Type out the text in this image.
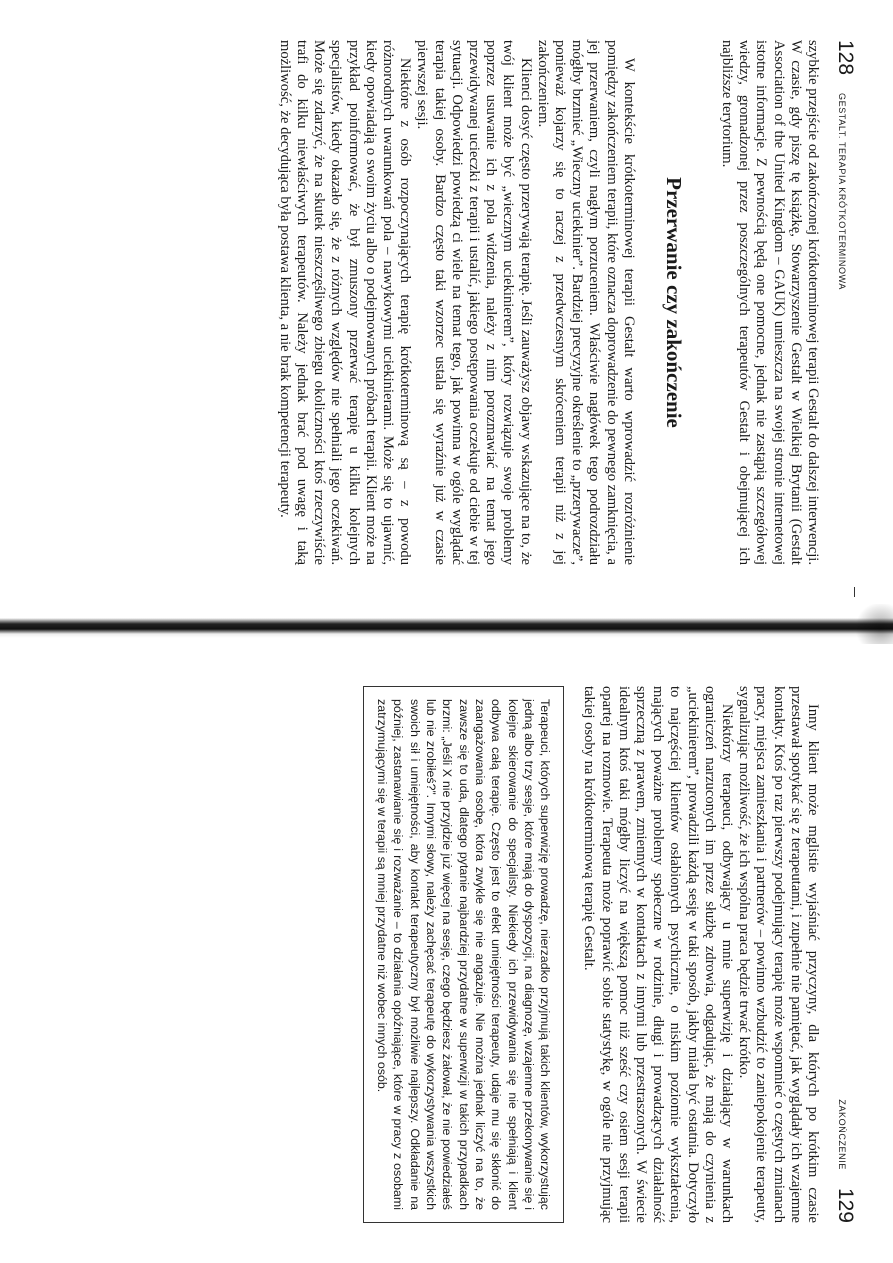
128
GESTALT. TERAPIA KRÓTKOTERMINOWA

szybkie przejście od zakończonej krótkoterminowej terapii Gestalt do dalszej interwencji. W czasie, gdy piszę tę książkę, Stowarzyszenie Gestalt w Wielkiej Brytanii (Gestalt Association of the United Kingdom – GAUK) umieszcza na swojej stronie internetowej istotne informacje. Z pewnością będą one pomocne, jednak nie zastąpią szczegółowej wiedzy, gromadzonej przez poszczególnych terapeutów Gestalt i obejmującej ich najbliższe terytorium.

Przerwanie czy zakończenie

W kontekście krótkoterminowej terapii Gestalt warto wprowadzić rozróżnienie pomiędzy zakończeniem terapii, które oznacza doprowadzenie do pewnego zamknięcia, a jej przerwaniem, czyli nagłym porzuceniem. Właściwie nagłówek tego podrozdziału mógłby brzmieć „Wieczny uciekinier”. Bardziej precyzyjne określenie to „przerywacze”, ponieważ kojarzy się to raczej z przedwczesnym skróceniem terapii niż z jej zakończeniem.

Klienci dosyć często przerywają terapię. Jeśli zauważysz objawy wskazujące na to, że twój klient może być „wiecznym uciekinierem”, który rozwiązuje swoje problemy poprzez usuwanie ich z pola widzenia, należy z nim porozmawiać na temat jego przewidywanej ucieczki z terapii i ustalić, jakiego postępowania oczekuje od ciebie w tej sytuacji. Odpowiedzi powiedzą ci wiele na temat tego, jak powinna w ogóle wyglądać terapia takiej osoby. Bardzo często taki wzorzec ustala się wyraźnie już w czasie pierwszej sesji.

Niektóre z osób rozpoczynających terapię krótkoterminową są – z powodu różnorodnych uwarunkowań pola – nawykowymi uciekinierami. Może się to ujawnić, kiedy opowiadają o swoim życiu albo o podejmowanych próbach terapii. Klient może na przykład poinformować, że był zmuszony przerwać terapię u kilku kolejnych specjalistów, kiedy okazało się, że z różnych względów nie spełniali jego oczekiwań. Może się zdarzyć, że na skutek nieszczęśliwego zbiegu okoliczności ktoś rzeczywiście trafi do kilku niewłaściwych terapeutów. Należy jednak brać pod uwagę i taką możliwość, że decydująca była postawa klienta, a nie brak kompetencji terapeuty.

ZAKOŃCZENIE
129

Inny klient może mglistie wyjaśniać przyczyny, dla których po krótkim czasie przestawał spotykać się z terapeutami, i zupełnie nie pamiętać, jak wyglądały ich wzajemne kontakty. Ktoś po raz pierwszy podejmujący terapię może wspomnieć o częstych zmianach pracy, miejsca zamieszkania i partnerów – powinno wzbudzić to zaniepokojenie terapeuty, sygnalizując możliwość, że ich wspólna praca będzie trwać krótko.

Niektórzy terapeuci, odbywający u mnie superwizję i działający w warunkach ograniczeń narzuconych im przez służbę zdrowia, odgadując, że mają do czynienia z „uciekinierem”, prowadzili każdą sesję w taki sposób, jakby miała być ostatnia. Dotyczyło to najczęściej klientów osłabionych psychicznie, o niskim poziomie wykształcenia, mających poważne problemy społeczne w rodzinie, długi i prowadzących działalność sprzeczną z prawem, zmiennych w kontaktach z innymi lub przestraszonych. W świecie idealnym ktoś taki mógłby liczyć na większą pomoc niż sześć czy osiem sesji terapii opartej na rozmowie. Terapeuta może poprawić sobie statystykę, w ogóle nie przyjmując takiej osoby na krótkoterminową terapię Gestalt.

Terapeuci, których superwizję prowadzę, nierzadko przyjmują takich klientów, wykorzystując jedną albo trzy sesje, które mają do dyspozycji, na diagnozę, wzajemne przekonywanie się i kolejne skierowanie do specjalisty. Niekiedy ich przewidywania się nie spełniają i klient odbywa całą terapię. Często jest to efekt umiejętności terapeuty, udaje mu się skłonić do zaangażowania osobę, która zwykle się nie angażuje. Nie można jednak liczyć na to, że zawsze się to uda, dlatego pytanie najbardziej przydatne w superwizji w takich przypadkach brzmi: „Jeśli X nie przyjdzie już więcej na sesję, czego będziesz żałował, że nie powiedziałeś lub nie zrobiłeś?”. Innymi słowy, należy zachęcać terapeutę do wykorzystywania wszystkich swoich sił i umiejętności, aby kontakt terapeutyczny był możliwie najlepszy. Odkładanie na później, zastanawianie się i rozważanie – to działania opóźniające, które w pracy z osobami zatrzymującymi się w terapii są mniej przydatne niż wobec innych osób.
